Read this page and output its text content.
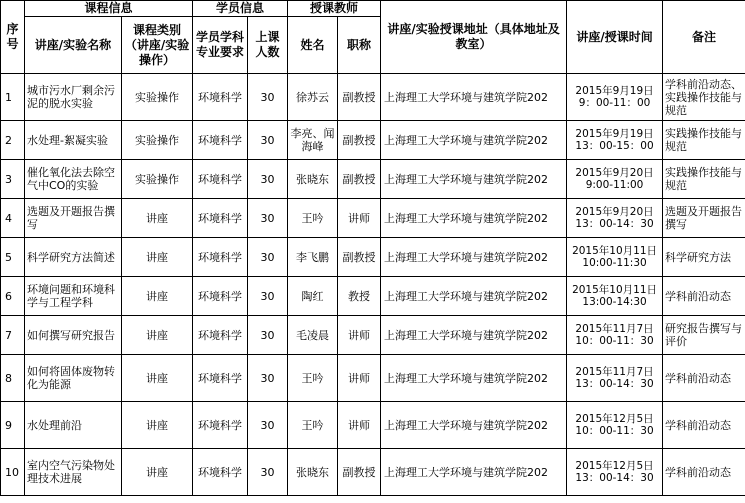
序号	课程信息		学员信息		授课教师		讲座/实验授课地址（具体地址及教室）	讲座/授课时间	备注
	讲座/实验名称	课程类别（讲座/实验操作）	学员学科专业要求	上课人数	姓名	职称			
1	城市污水厂剩余污泥的脱水实验	实验操作	环境科学	30	徐苏云	副教授	上海理工大学环境与建筑学院202	2015年9月19日 9：00-11：00	学科前沿动态、实践操作技能与规范
2	水处理-絮凝实验	实验操作	环境科学	30	李亮、闻海峰	副教授	上海理工大学环境与建筑学院202	2015年9月19日 13：00-15：00	实践操作技能与规范
3	催化氧化法去除空气中CO的实验	实验操作	环境科学	30	张晓东	副教授	上海理工大学环境与建筑学院202	2015年9月20日 9:00-11:00	实践操作技能与规范
4	选题及开题报告撰写	讲座	环境科学	30	王吟	讲师	上海理工大学环境与建筑学院202	2015年9月20日 13：00-14：30	选题及开题报告撰写
5	科学研究方法简述	讲座	环境科学	30	李飞鹏	副教授	上海理工大学环境与建筑学院202	2015年10月11日 10:00-11:30	科学研究方法
6	环境问题和环境科学与工程学科	讲座	环境科学	30	陶红	教授	上海理工大学环境与建筑学院202	2015年10月11日 13:00-14:30	学科前沿动态
7	如何撰写研究报告	讲座	环境科学	30	毛凌晨	讲师	上海理工大学环境与建筑学院202	2015年11月7日 10：00-11：30	研究报告撰写与评价
8	如何将固体废物转化为能源	讲座	环境科学	30	王吟	讲师	上海理工大学环境与建筑学院202	2015年11月7日 13：00-14：30	学科前沿动态
9	水处理前沿	讲座	环境科学	30	王吟	讲师	上海理工大学环境与建筑学院202	2015年12月5日 10：00-11：30	学科前沿动态
10	室内空气污染物处理技术进展	讲座	环境科学	30	张晓东	副教授	上海理工大学环境与建筑学院202	2015年12月5日 13：00-14：30	学科前沿动态
